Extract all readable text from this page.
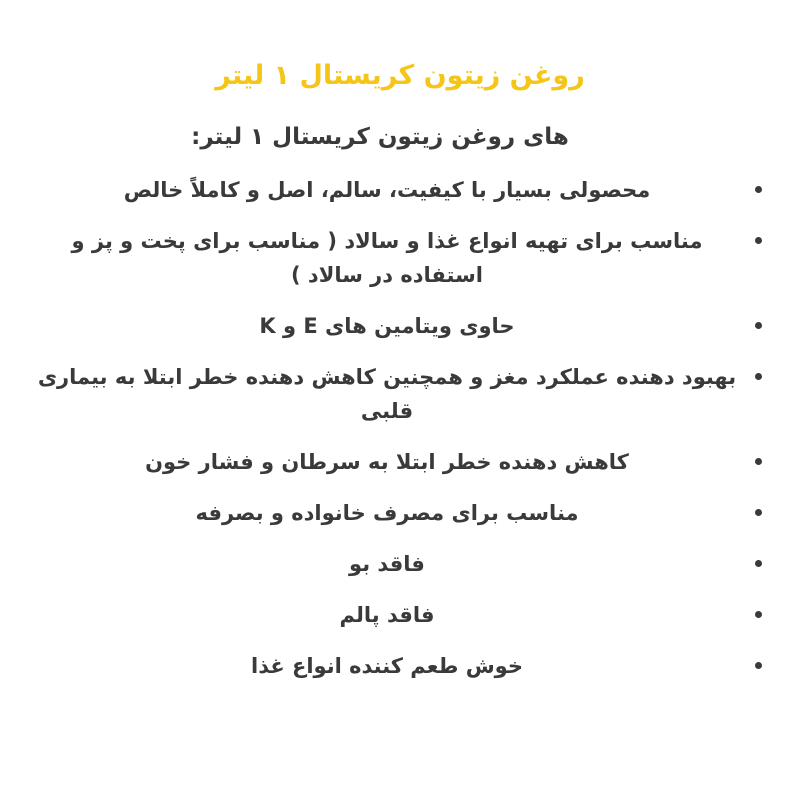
روغن زیتون کریستال ۱ لیتر

های روغن زیتون کریستال ۱ لیتر:

محصولی بسیار با کیفیت، سالم، اصل و کاملاً خالص
مناسب برای تهیه انواع غذا و سالاد ( مناسب برای پخت و پز و استفاده در سالاد )
حاوی ویتامین های E و K
بهبود دهنده عملکرد مغز و همچنین کاهش دهنده خطر ابتلا به بیماری قلبی
کاهش دهنده خطر ابتلا به سرطان و فشار خون
مناسب برای مصرف خانواده و بصرفه
فاقد بو
فاقد پالم
خوش طعم کننده انواع غذا
